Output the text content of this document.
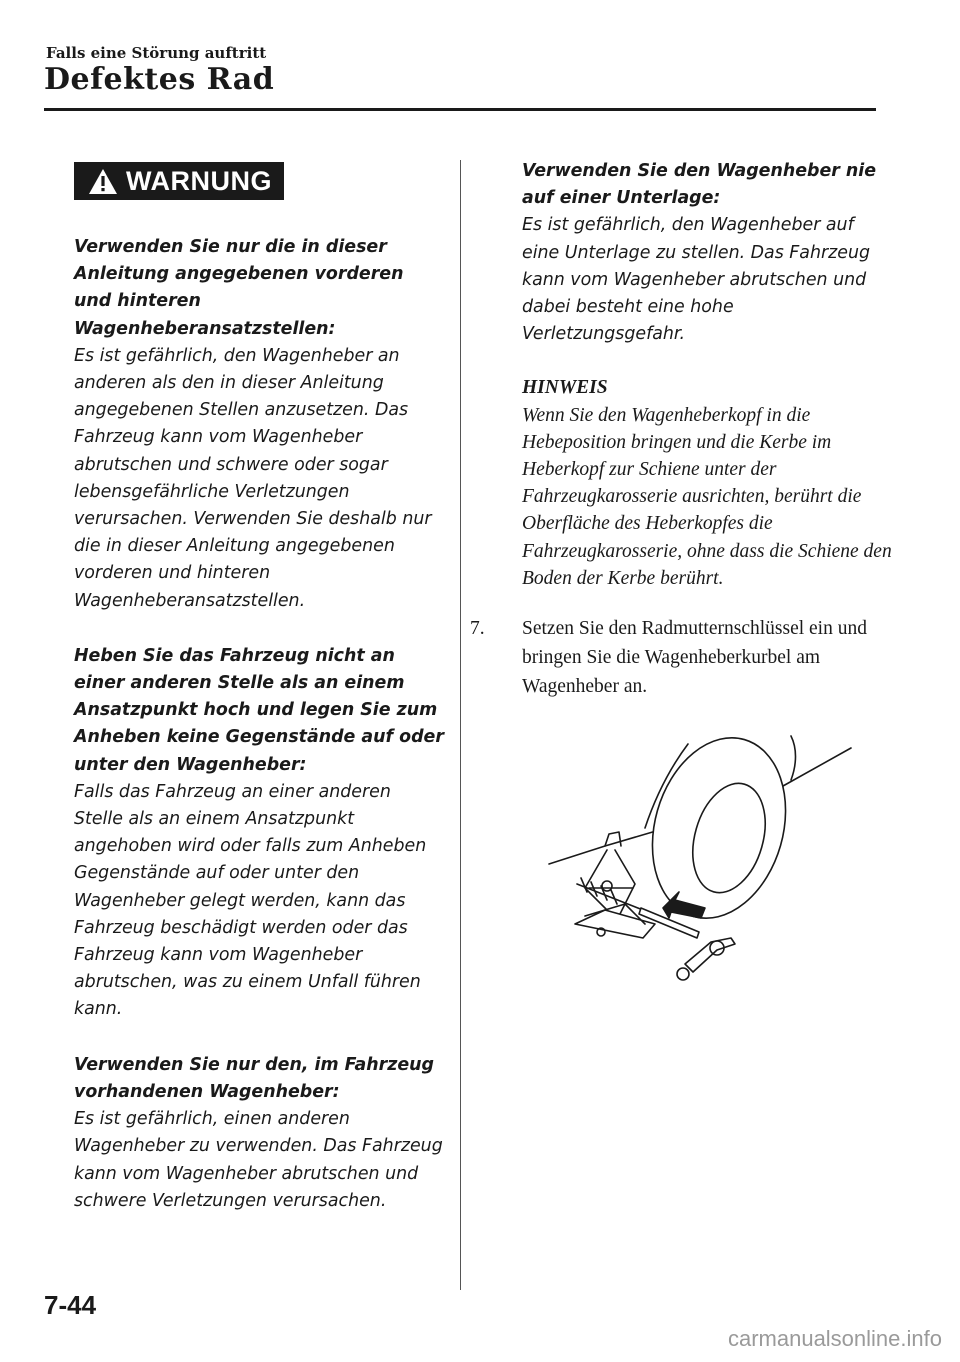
Falls eine Störung auftritt
Defektes Rad
WARNUNG

Verwenden Sie nur die in dieser Anleitung angegebenen vorderen und hinteren Wagenheberansatzstellen:
Es ist gefährlich, den Wagenheber an anderen als den in dieser Anleitung angegebenen Stellen anzusetzen. Das Fahrzeug kann vom Wagenheber abrutschen und schwere oder sogar lebensgefährliche Verletzungen verursachen. Verwenden Sie deshalb nur die in dieser Anleitung angegebenen vorderen und hinteren Wagenheberansatzstellen.

Heben Sie das Fahrzeug nicht an einer anderen Stelle als an einem Ansatzpunkt hoch und legen Sie zum Anheben keine Gegenstände auf oder unter den Wagenheber:
Falls das Fahrzeug an einer anderen Stelle als an einem Ansatzpunkt angehoben wird oder falls zum Anheben Gegenstände auf oder unter den Wagenheber gelegt werden, kann das Fahrzeug beschädigt werden oder das Fahrzeug kann vom Wagenheber abrutschen, was zu einem Unfall führen kann.

Verwenden Sie nur den, im Fahrzeug vorhandenen Wagenheber:
Es ist gefährlich, einen anderen Wagenheber zu verwenden. Das Fahrzeug kann vom Wagenheber abrutschen und schwere Verletzungen verursachen.

Verwenden Sie den Wagenheber nie auf einer Unterlage:
Es ist gefährlich, den Wagenheber auf eine Unterlage zu stellen. Das Fahrzeug kann vom Wagenheber abrutschen und dabei besteht eine hohe Verletzungsgefahr.

HINWEIS
Wenn Sie den Wagenheberkopf in die Hebeposition bringen und die Kerbe im Heberkopf zur Schiene unter der Fahrzeugkarosserie ausrichten, berührt die Oberfläche des Heberkopfes die Fahrzeugkarosserie, ohne dass die Schiene den Boden der Kerbe berührt.

7.	Setzen Sie den Radmutternschlüssel ein und bringen Sie die Wagenheberkurbel am Wagenheber an.
7-44
carmanualsonline.info
